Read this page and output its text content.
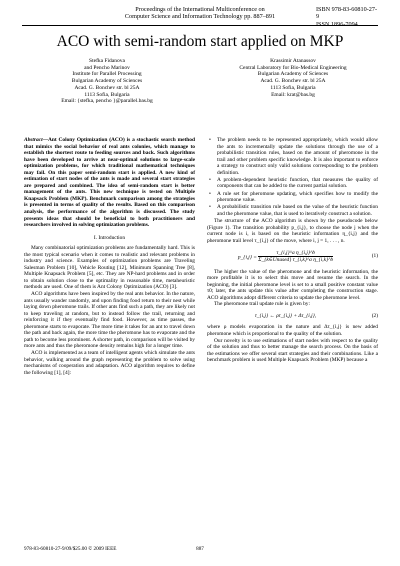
Proceedings of the International Multiconference on
Computer Science and Information Technology pp. 887–891
ISBN 978-83-60810-27-9
ISSN 1896-7094
ACO with semi-random start applied on MKP
Stefka Fidanova
and Pencho Marinov
Institute for Parallel Processing
Bulgarian Academy of Sciences
Acad. G. Bonchev str. bl 25A
1113 Sofia, Bulgaria
Email: {stefka, pencho }@parallel.bas.bg
Krassimir Atanassov
Central Laboratory for Bio-Medical Engineering
Bulgarian Academy of Sciences
Acad. G. Bonchev str. bl 25A
1113 Sofia, Bulgaria
Email: krat@bas.bg
Abstract—Ant Colony Optimization (ACO) is a stochastic search method that mimics the social behavior of real ants colonies, which manage to establish the shortest route to feeding sources and back. Such algorithms have been developed to arrive at near-optimal solutions to large-scale optimization problems, for which traditional mathematical techniques may fail. On this paper semi-random start is applied. A new kind of estimation of start nodes of the ants is made and several start strategies are prepared and combined. The idea of semi-random start is better management of the ants. This new technique is tested on Multiple Knapsack Problem (MKP). Benchmark comparison among the strategies is presented in terms of quality of the results. Based on this comparison analysis, the performance of the algorithm is discussed. The study presents ideas that should be beneficial to both practitioners and researchers involved in solving optimization problems.
I. Introduction

Many combinatorial optimization problems are fundamentally hard. This is the most typical scenario when it comes to realistic and relevant problems in industry and science. Examples of optimization problems are Traveling Salesman Problem [10], Vehicle Routing [12], Minimum Spanning Tree [8], Multiple Knapsack Problem [5], etc. They are NP-hard problems and in order to obtain solution close to the optimality in reasonable time, metaheuristic methods are used. One of them is Ant Colony Optimization (ACO) [3].

ACO algorithms have been inspired by the real ants behavior. In the nature, ants usually wander randomly, and upon finding food return to their nest while laying down pheromone trails. If other ants find such a path, they are likely not to keep traveling at random, but to instead follow the trail, returning and reinforcing it if they eventually find food. However, as time passes, the pheromone starts to evaporate. The more time it takes for an ant to travel down the path and back again, the more time the pheromone has to evaporate and the path to become less prominent. A shorter path, in comparison will be visited by more ants and thus the pheromone density remains high for a longer time.

ACO is implemented as a team of intelligent agents which simulate the ants behavior, walking around the graph representing the problem to solve using mechanisms of cooperation and adaptation. ACO algorithm requires to define the following [1], [4]:

• The problem needs to be represented appropriately, which would allow the ants to incrementally update the solutions through the use of a probabilistic transition rules, based on the amount of pheromone in the trail and other problem specific knowledge. It is also important to enforce a strategy to construct only valid solutions corresponding to the problem definition.
• A problem-dependent heuristic function, that measures the quality of components that can be added to the current partial solution.
• A rule set for pheromone updating, which specifies how to modify the pheromone value.
• A probabilistic transition rule based on the value of the heuristic function and the pheromone value, that is used to iteratively construct a solution.

The structure of the ACO algorithm is shown by the pseudocode below (Figure 1). The transition probability p_{i,j}, to choose the node j when the current node is i, is based on the heuristic information η_{i,j} and the pheromone trail level τ_{i,j} of the move, where i, j = 1, . . . , n.

p_{i,j} = $\frac{\text{τ\_\{i,j\}\textasciicircum{}a η\_\{i,j\}\textasciicircum{}b}}{\text{Σ\_\{k∈Unused\} τ\_\{i,k\}\textasciicircum{}a η\_\{i,k\}\textasciicircum{}b}}$	(1)

The higher the value of the pheromone and the heuristic information, the more profitable it is to select this move and resume the search. In the beginning, the initial pheromone level is set to a small positive constant value τ0; later, the ants update this value after completing the construction stage. ACO algorithms adopt different criteria to update the pheromone level.

The pheromone trail update rule is given by:

τ_{i,j} ← ρτ_{i,j} + Δτ_{i,j},	(2)

where ρ models evaporation in the nature and Δτ_{i,j} is new added pheromone which is proportional to the quality of the solution.

Our novelty is to use estimations of start nodes with respect to the quality of the solution and thus to better manage the search process. On the basis of the estimations we offer several start strategies and their combinations. Like a benchmark problem is used Multiple Knapsack Problem (MKP) because a

978-83-60810-27-9/09/$25.00 © 2009 IEEE	887
